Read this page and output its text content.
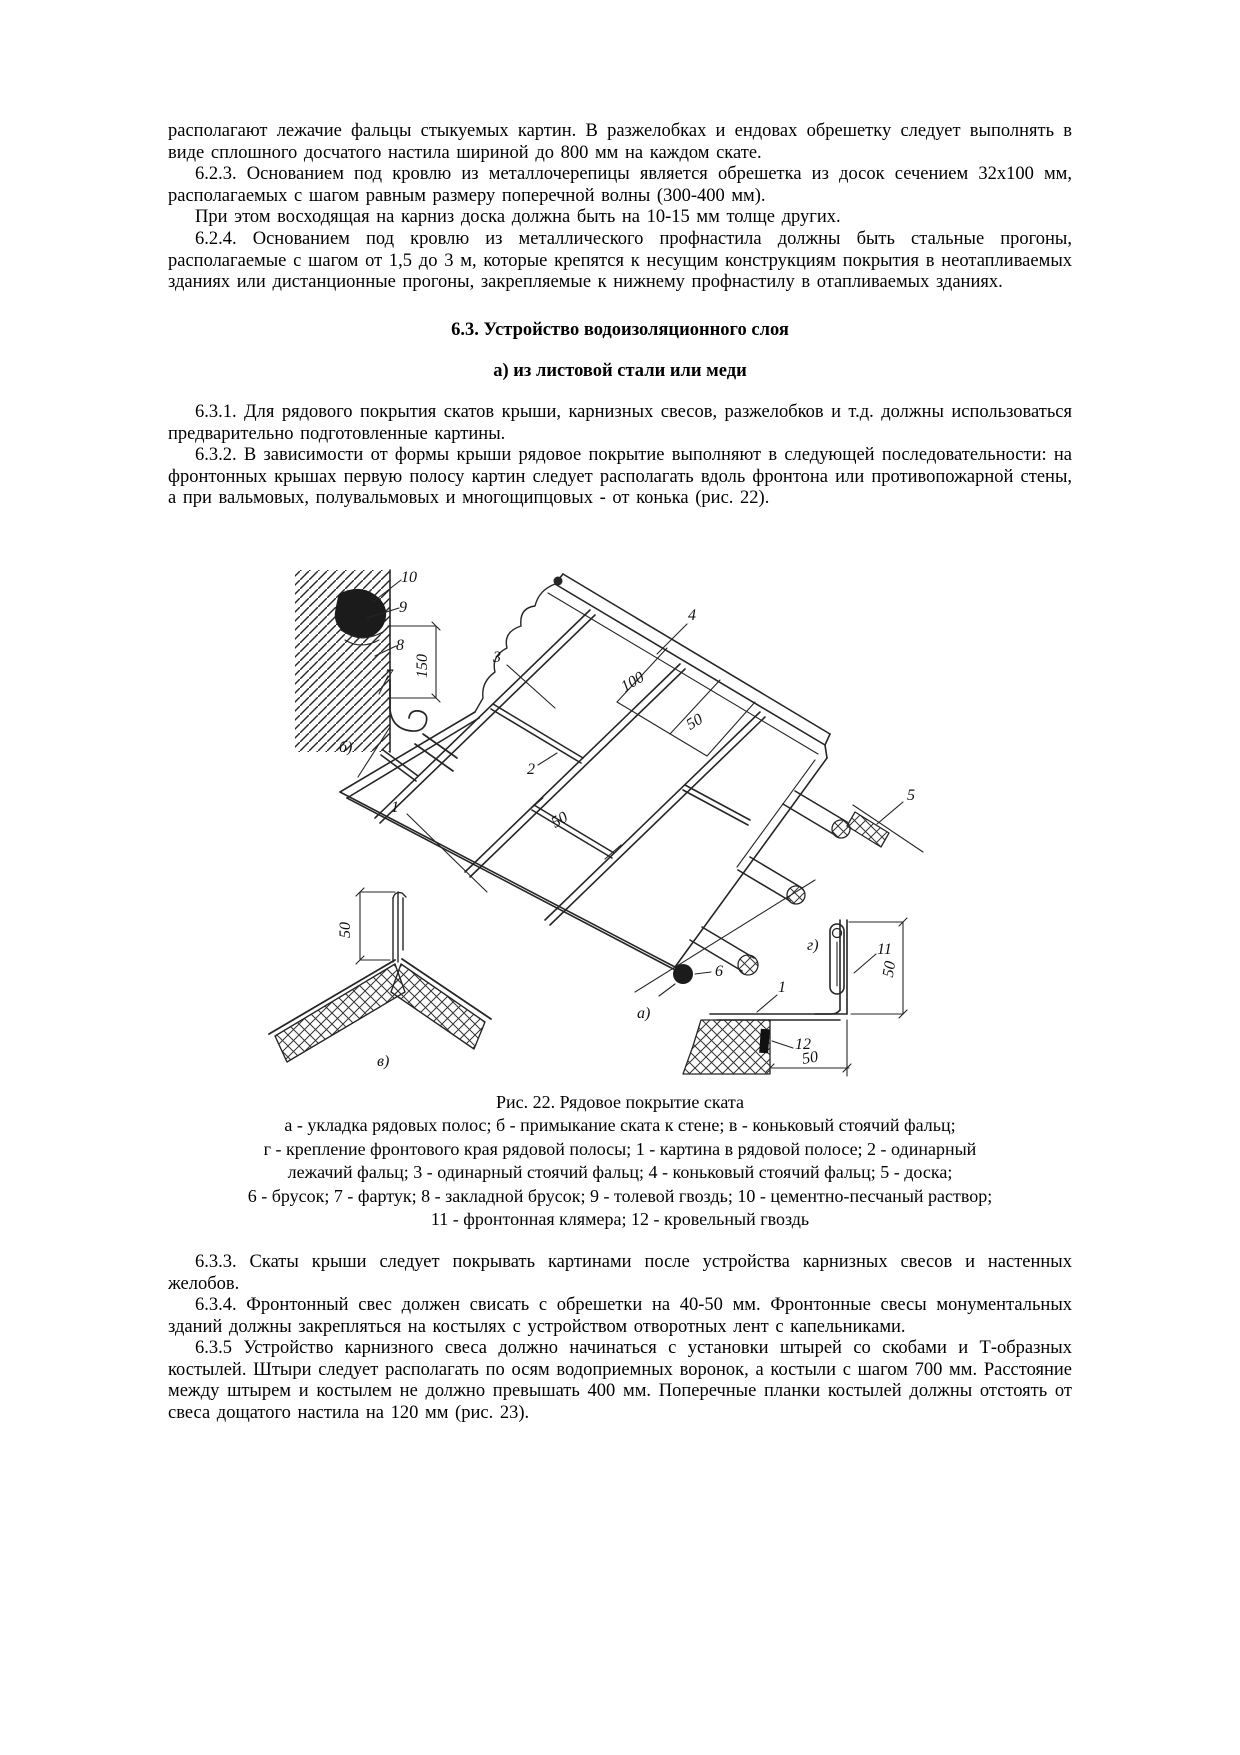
располагают лежачие фальцы стыкуемых картин. В разжелобках и ендовах обрешетку следует выполнять в виде сплошного досчатого настила шириной до 800 мм на каждом скате.

6.2.3. Основанием под кровлю из металлочерепицы является обрешетка из досок сечением 32x100 мм, располагаемых с шагом равным размеру поперечной волны (300-400 мм).

При этом восходящая на карниз доска должна быть на 10-15 мм толще других.

6.2.4. Основанием под кровлю из металлического профнастила должны быть стальные прогоны, располагаемые с шагом от 1,5 до 3 м, которые крепятся к несущим конструкциям покрытия в неотапливаемых зданиях или дистанционные прогоны, закрепляемые к нижнему профнастилу в отапливаемых зданиях.

6.3. Устройство водоизоляционного слоя
а) из листовой стали или меди

6.3.1. Для рядового покрытия скатов крыши, карнизных свесов, разжелобков и т.д. должны использоваться предварительно подготовленные картины.

6.3.2. В зависимости от формы крыши рядовое покрытие выполняют в следующей последовательности: на фронтонных крышах первую полосу картин следует располагать вдоль фронтона или противопожарной стены, а при вальмовых, полувальмовых и многощипцовых - от конька (рис. 22).

10
9
8
7 150
б)
3
4
100
50
2
50
1
5
6
а)
50
в)
г)	11
50
1
12
50
Рис. 22. Рядовое покрытие ската
а - укладка рядовых полос; б - примыкание ската к стене; в - коньковый стоячий фальц;
г - крепление фронтового края рядовой полосы; 1 - картина в рядовой полосе; 2 - одинарный
лежачий фальц; 3 - одинарный стоячий фальц; 4 - коньковый стоячий фальц; 5 - доска;
6 - брусок; 7 - фартук; 8 - закладной брусок; 9 - толевой гвоздь; 10 - цементно-песчаный раствор;
11 - фронтонная клямера; 12 - кровельный гвоздь

6.3.3. Скаты крыши следует покрывать картинами после устройства карнизных свесов и настенных желобов.

6.3.4. Фронтонный свес должен свисать с обрешетки на 40-50 мм. Фронтонные свесы монументальных зданий должны закрепляться на костылях с устройством отворотных лент с капельниками.

6.3.5 Устройство карнизного свеса должно начинаться с установки штырей со скобами и Т-образных костылей. Штыри следует располагать по осям водоприемных воронок, а костыли с шагом 700 мм. Расстояние между штырем и костылем не должно превышать 400 мм. Поперечные планки костылей должны отстоять от свеса дощатого настила на 120 мм (рис. 23).
